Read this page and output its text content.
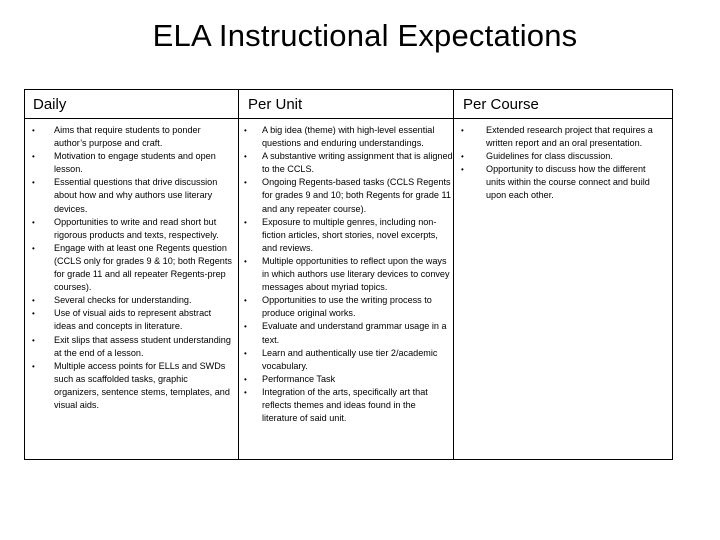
ELA Instructional Expectations
Daily	Per Unit	Per Course
• Aims that require students to ponder author’s purpose and craft.
• Motivation to engage students and open lesson.
• Essential questions that drive discussion about how and why authors use literary devices.
• Opportunities to write and read short but rigorous products and texts, respectively.
• Engage with at least one Regents question (CCLS only for grades 9 & 10; both Regents for grade 11 and all repeater Regents-prep courses).
• Several checks for understanding.
• Use of visual aids to represent abstract ideas and concepts in literature.
• Exit slips that assess student understanding at the end of a lesson.
• Multiple access points for ELLs and SWDs such as scaffolded tasks, graphic organizers, sentence stems, templates, and visual aids.
• A big idea (theme) with high-level essential questions and enduring understandings.
• A substantive writing assignment that is aligned to the CCLS.
• Ongoing Regents-based tasks (CCLS Regents for grades 9 and 10; both Regents for grade 11 and any repeater course).
• Exposure to multiple genres, including non-fiction articles, short stories, novel excerpts, and reviews.
• Multiple opportunities to reflect upon the ways in which authors use literary devices to convey messages about myriad topics.
• Opportunities to use the writing process to produce original works.
• Evaluate and understand grammar usage in a text.
• Learn and authentically use tier 2/academic vocabulary.
• Performance Task
• Integration of the arts, specifically art that reflects themes and ideas found in the literature of said unit.
• Extended research project that requires a written report and an oral presentation.
• Guidelines for class discussion.
• Opportunity to discuss how the different units within the course connect and build upon each other.
